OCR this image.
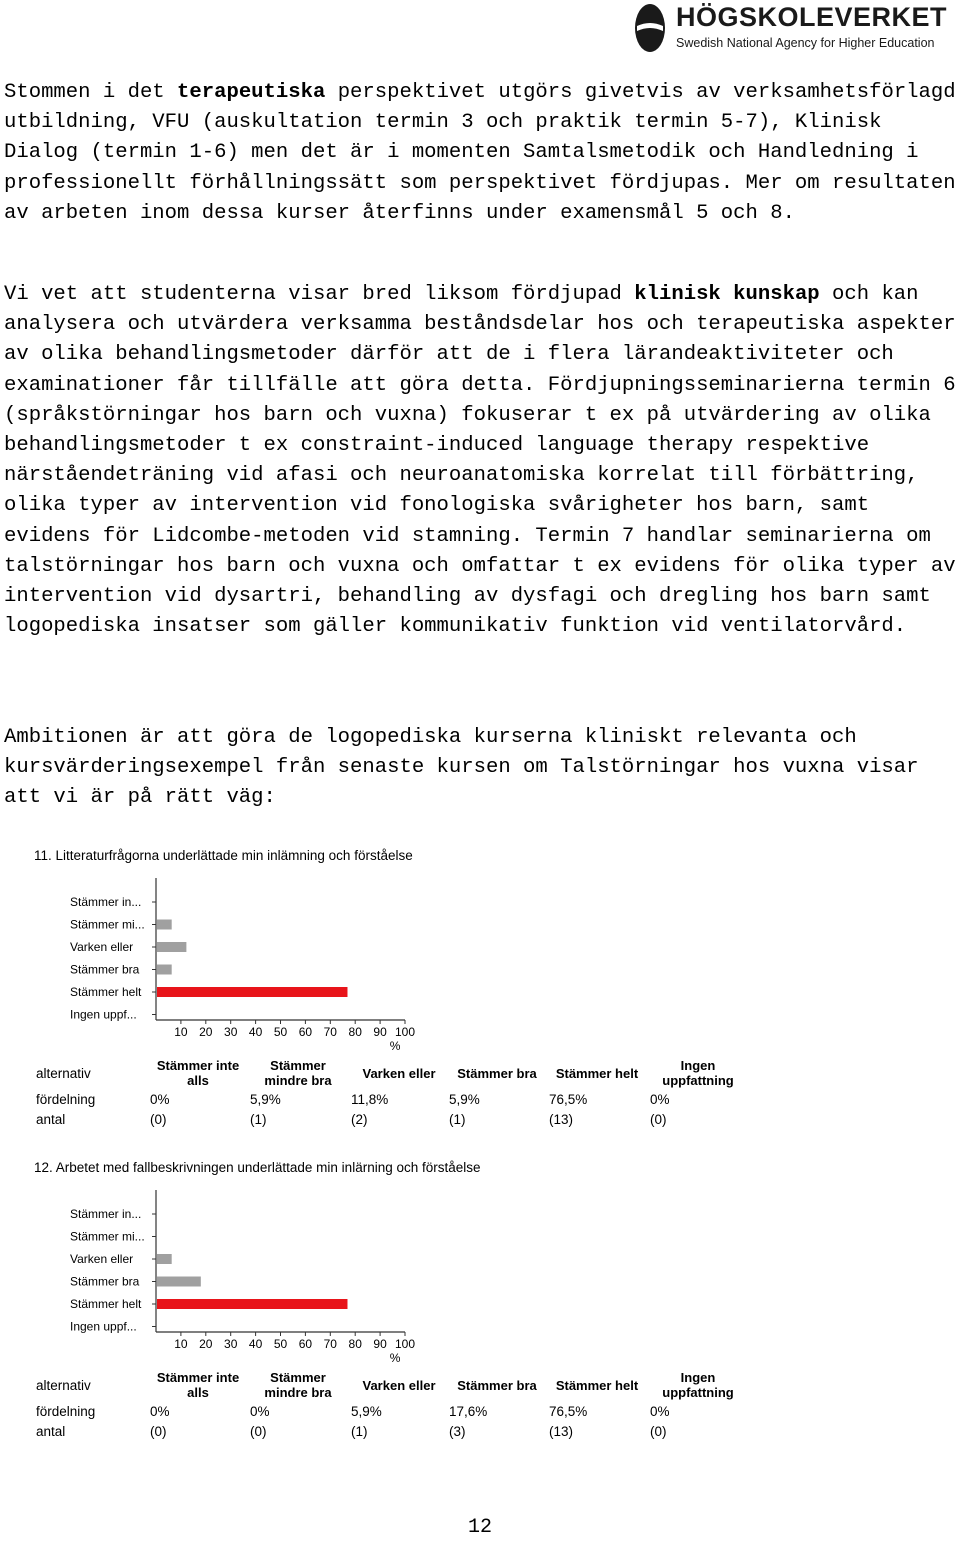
HÖGSKOLEVERKET
Swedish National Agency for Higher Education

Stommen i det terapeutiska perspektivet utgörs givetvis av verksamhetsförlagd utbildning, VFU (auskultation termin 3 och praktik termin 5-7), Klinisk Dialog (termin 1-6) men det är i momenten Samtalsmetodik och Handledning i professionellt förhållningssätt som perspektivet fördjupas. Mer om resultaten av arbeten inom dessa kurser återfinns under examensmål 5 och 8.

Vi vet att studenterna visar bred liksom fördjupad klinisk kunskap och kan analysera och utvärdera verksamma beståndsdelar hos och terapeutiska aspekter av olika behandlingsmetoder därför att de i flera lärandeaktiviteter och examinationer får tillfälle att göra detta. Fördjupningsseminarierna termin 6 (språkstörningar hos barn och vuxna) fokuserar t ex på utvärdering av olika behandlingsmetoder t ex constraint-induced language therapy respektive närståendeträning vid afasi och neuroanatomiska korrelat till förbättring, olika typer av intervention vid fonologiska svårigheter hos barn, samt evidens för Lidcombe-metoden vid stamning. Termin 7 handlar seminarierna om talstörningar hos barn och vuxna och omfattar t ex evidens för olika typer av intervention vid dysartri, behandling av dysfagi och dregling hos barn samt logopediska insatser som gäller kommunikativ funktion vid ventilatorvård.

Ambitionen är att göra de logopediska kurserna kliniskt relevanta och kursvärderingsexempel från senaste kursen om Talstörningar hos vuxna visar att vi är på rätt väg:

11. Litteraturfrågorna underlättade min inlämning och förståelse
Stämmer in...
Stämmer mi...
Varken eller
Stämmer bra
Stämmer helt
Ingen uppf...
10 20 30 40 50 60 70 80 90 100
%
alternativ
fördelning
antal
Stämmer inte
alls
0%
(0)
Stämmer
mindre bra
5,9%
(1)
Varken eller
11,8%
(2)
Stämmer bra
5,9%
(1)
Stämmer helt
76,5%
(13)
Ingen
uppfattning
0%
(0)
12. Arbetet med fallbeskrivningen underlättade min inlärning och förståelse
Stämmer in...
Stämmer mi...
Varken eller
Stämmer bra
Stämmer helt
Ingen uppf...
10 20 30 40 50 60 70 80 90 100
%
alternativ
fördelning
antal
Stämmer inte
alls
0%
(0)
Stämmer
mindre bra
0%
(0)
Varken eller
5,9%
(1)
Stämmer bra
17,6%
(3)
Stämmer helt
76,5%
(13)
Ingen
uppfattning
0%
(0)
12
